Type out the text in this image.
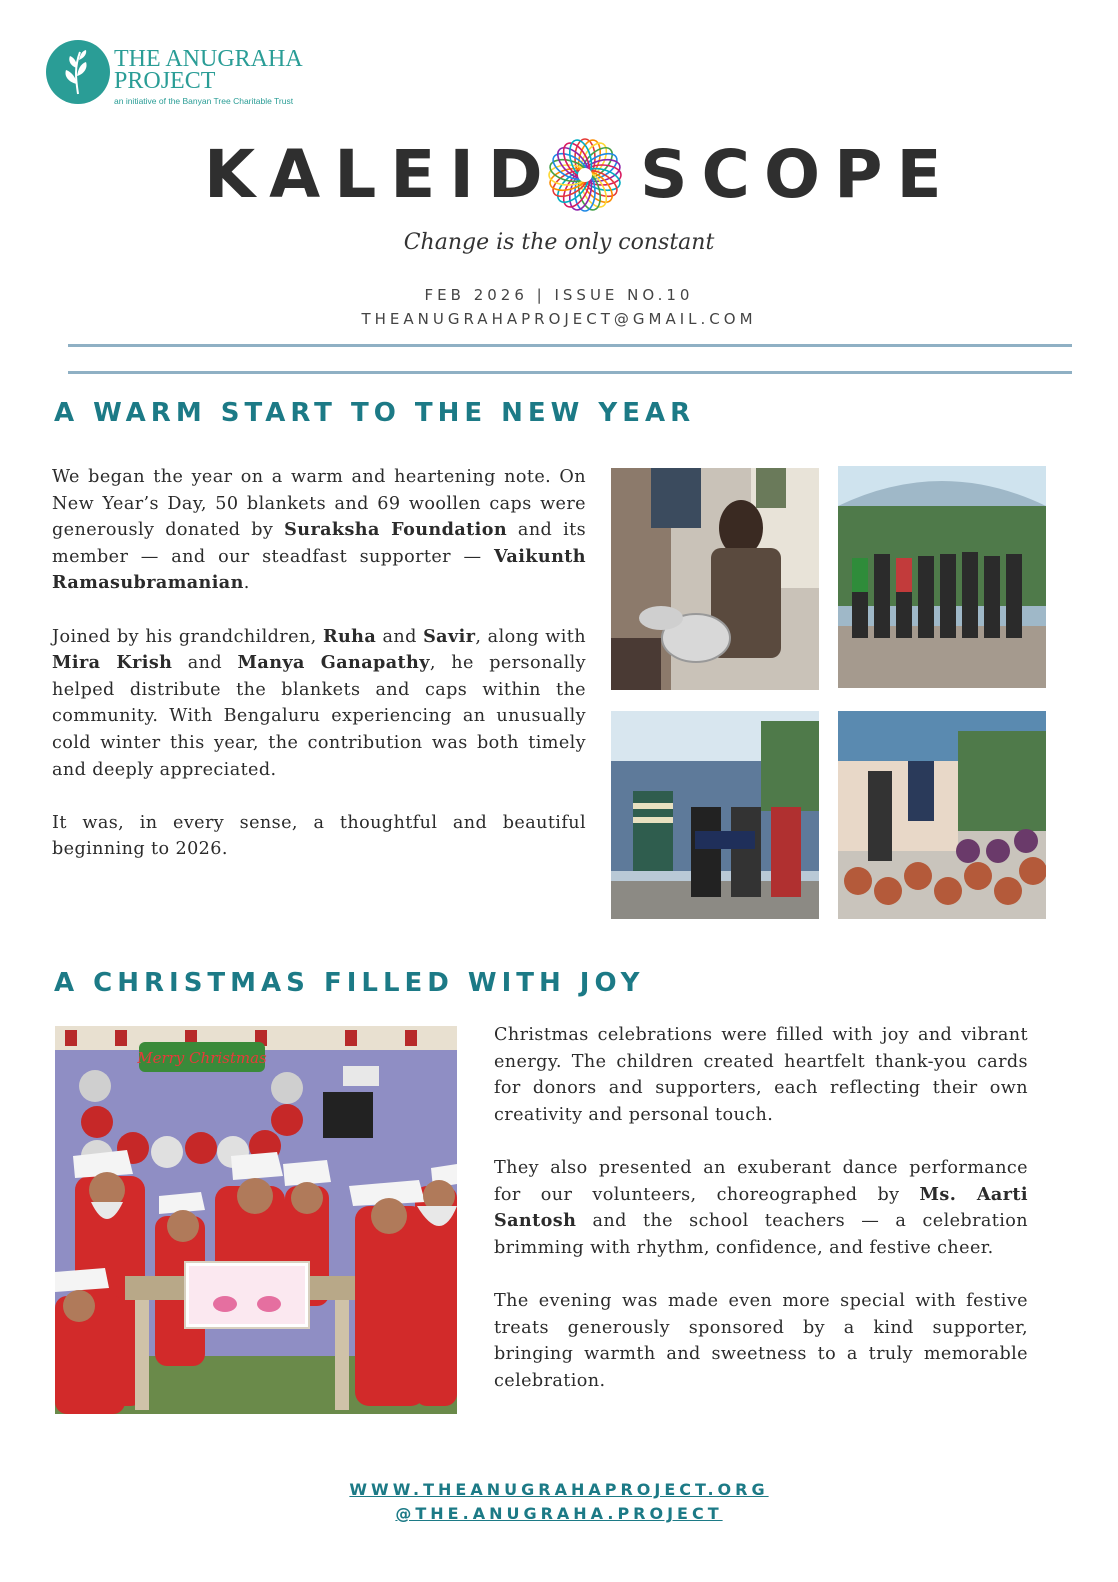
THE ANUGRAHA PROJECT
an initiative of the Banyan Tree Charitable Trust
KALEID SCOPE
Change is the only constant
FEB 2026 | ISSUE NO.10
THEANUGRAHAPROJECT@GMAIL.COM
A WARM START TO THE NEW YEAR

We began the year on a warm and heartening note. On New Year’s Day, 50 blankets and 69 woollen caps were generously donated by Suraksha Foundation and its member — and our steadfast supporter — Vaikunth Ramasubramanian.

Joined by his grandchildren, Ruha and Savir, along with Mira Krish and Manya Ganapathy, he personally helped distribute the blankets and caps within the community. With Bengaluru experiencing an unusually cold winter this year, the contribution was both timely and deeply appreciated.

It was, in every sense, a thoughtful and beautiful beginning to 2026.

A CHRISTMAS FILLED WITH JOY
Merry Christmas

Christmas celebrations were filled with joy and vibrant energy. The children created heartfelt thank-you cards for donors and supporters, each reflecting their own creativity and personal touch.

They also presented an exuberant dance performance for our volunteers, choreographed by Ms. Aarti Santosh and the school teachers — a celebration brimming with rhythm, confidence, and festive cheer.

The evening was made even more special with festive treats generously sponsored by a kind supporter, bringing warmth and sweetness to a truly memorable celebration.

WWW.THEANUGRAHAPROJECT.ORG
@THE.ANUGRAHA.PROJECT
